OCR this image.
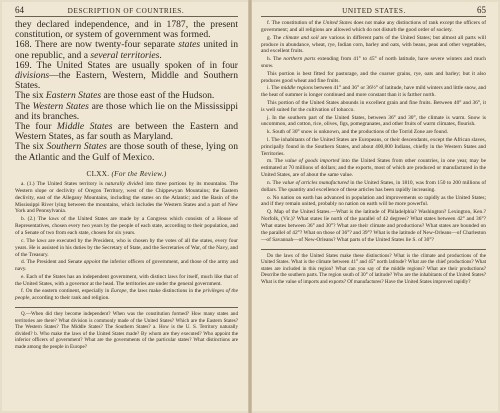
64	DESCRIPTION OF COUNTRIES.

they declared independence, and in 1787, the present constitution, or system of government was formed.

168. There are now twenty-four separate states united in one republic, and a several territories.

169. The United States are usually spoken of in four divisions—the Eastern, Western, Middle and Southern States.

The six Eastern States are those east of the Hudson.

The Western States are those which lie on the Mississippi and its branches.

The four Middle States are between the Eastern and Western States, as far south as Maryland.

The six Southern States are those south of these, lying on the Atlantic and the Gulf of Mexico.

CLXX. (For the Review.)

a. (1.) The United States territory is naturally divided into three portions by its mountains. The Western slope or declivity of Oregon Territory, west of the Chippewyan Mountains; the Eastern declivity, east of the Allegany Mountains, including the states on the Atlantic; and the Basin of the Mississippi River lying between the mountains, which includes the Western States and a part of New York and Pennsylvania.

b. (2.) The laws of the United States are made by a Congress which consists of a House of Representatives, chosen every two years by the people of each state, according to their population, and of a Senate of two from each state, chosen for six years.

c. The laws are executed by the President, who is chosen by the votes of all the states, every four years. He is assisted in his duties by the Secretary of State, and the Secretaries of War, of the Navy, and of the Treasury.

d. The President and Senate appoint the inferior officers of government, and those of the army and navy.

e. Each of the States has an independent government, with distinct laws for itself, much like that of the United States, with a governor at the head. The territories are under the general government.

f. On the eastern continent, especially in Europe, the laws make distinctions in the privileges of the people, according to their rank and religion.

Q.—When did they become independent? When was the constitution formed? How many states and territories are there? What division is commonly made of the United States? Which are the Eastern States? The Western States? The Middle States? The Southern States? a. How is the U. S. Territory naturally divided? b. Who make the laws of the United States made? By whom are they executed? Who appoint the inferior officers of government? What are the governments of the particular states? What distinctions are made among the people in Europe?

UNITED STATES.	65

f. The constitution of the United States does not make any distinctions of rank except the officers of government; and all religions are allowed which do not disturb the good order of society.

g. The climate and soil are various in different parts of the United States; but almost all parts will produce in abundance, wheat, rye, Indian corn, barley and oats, with beans, peas and other vegetables, and excellent fruits.

h. The northern parts extending from 41° to 45° of north latitude, have severe winters and much snow.

This portion is best fitted for pasturage, and the coarser grains, rye, oats and barley; but it also produces good wheat and fine fruits.

i. The middle regions between 41° and 36° or 36½° of latitude, have mild winters and little snow, and the heat of summer is longer continued and more constant than it is farther north.

This portion of the United States abounds in excellent grain and fine fruits. Between 40° and 36°, it is well suited for the cultivation of tobacco.

j. In the southern part of the United States, between 36° and 30°, the climate is warm. Snow is uncommon, and cotton, rice, olives, figs, pomegranates, and other fruits of warm climates, flourish.

k. South of 30° snow is unknown, and the productions of the Torrid Zone are found.

l. The inhabitants of the United States are Europeans, or their descendants, except the African slaves, principally found in the Southern States, and about 400,000 Indians, chiefly in the Western States and Territories.

m. The value of goods imported into the United States from other countries, in one year, may be estimated at 70 millions of dollars; and the exports, most of which are produced or manufactured in the United States, are of about the same value.

n. The value of articles manufactured in the United States, in 1810, was from 150 to 200 millions of dollars. The quantity and excellence of these articles has been rapidly increasing.

o. No nation on earth has advanced in population and improvements so rapidly as the United States; and if they remain united, probably no nation on earth will be more powerful.

Q. Map of the United States.—What is the latitude of Philadelphia? Washington? Lexington, Ken.? Norfolk, (Vir.)? What states lie north of the parallel of 42 degrees? What states between 42° and 36°? What states between 36° and 30°? What are their climate and productions? What states are bounded on the parallel of 42°? What on those of 36°? and 39°? What is the latitude of New-Orleans—of Charleston—of Savannah—of New-Orleans? What parts of the United States lie S. of 30°?

Do the laws of the United States make these distinctions? What is the climate and productions of the United States. What is the climate between 41° and 45° north latitude? What are the chief productions? What states are included in this region? What can you say of the middle regions? What are their productions? Describe the southern parts. The region south of 30° of latitude? Who are the inhabitants of the United States? What is the value of imports and exports? Of manufactures? Have the United States improved rapidly?
